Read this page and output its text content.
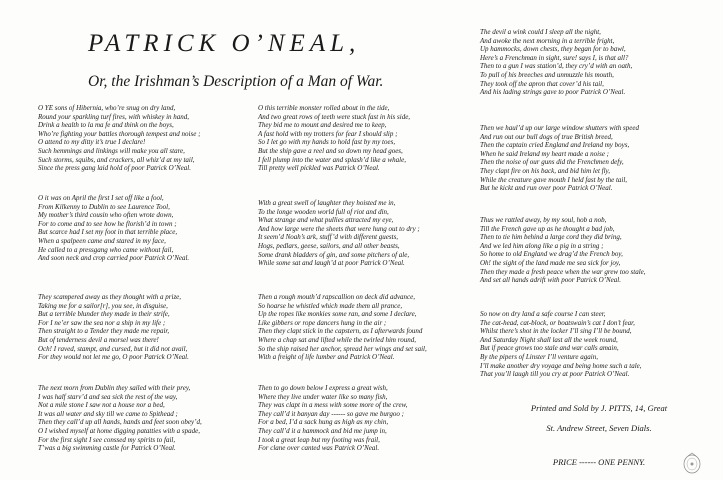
PATRICK O’NEAL,
Or, the Irishman’s Description of a Man of War.
O YE sons of Hibernia, who’re snug on dry land,
Round your sparkling turf fires, with whiskey in hand,
Drink a health to la ma fe and think on the boys,
Who’re fighting your battles thorough tempest and noise ;
O attend to my ditty it’s true I declare!
Such hemmings and linkings will make you all stare,
Such storms, squibs, and crackers, all whiz’d at my tail,
Since the press gang laid hold of poor Patrick O’Neal.
O it was on April the first I set off like a fool,
From Kilkenny to Dublin to see Laurence Tool,
My mother’s third cousin who often wrote down,
For to come and to see how he florish’d in town ;
But scarce had I set my foot in that terrible place,
When a spalpeen came and stared in my face,
He called to a pressgang who came without fail,
And soon neck and crop carried poor Patrick O’Neal.
They scampered away as they thought with a prize,
Taking me for a sailor[r], you see, in disguise,
But a terrible blunder they made in their strife,
For I ne’er saw the sea nor a ship in my life ;
Then straight to a Tender they made me repair,
But of tenderness devil a morsel was there!
Och! I raved, stampt, and cursed, but it did not avail,
For they would not let me go, O poor Patrick O’Neal.
The next morn from Dublin they sailed with their prey,
I was half starv’d and sea sick the rest of the way,
Not a mile stone I saw not a house nor a bed,
It was all water and sky till we came to Spithead ;
Then they call’d up all hands, hands and feet soon obey’d,
O I wished myself at home digging patatties with a spade,
For the first sight I see conssed my spirits to fail,
T’was a big swimming castle for Patrick O’Neal.
O this terrible monster rolled about in the tide,
And two great rows of teeth were stuck fast in his side,
They bid me to mount and desired me to keep,
A fast hold with my trotters for fear I should slip ;
So I let go with my hands to hold fast by my toes,
But the ship gave a reel and so down my head goes,
I fell plump into the water and splash’d like a whale,
Till pretty well pickled was Patrick O’Neal.
With a great swell of laughter they hoisted me in,
To the longe wooden world full of riot and din,
What strange and what pullies attracted my eye,
And how large were the sheets that were hung out to dry ;
It seem’d Noah’s ark, stuff’d with different guests,
Hogs, pedlars, geese, sailors, and all other beasts,
Some drank bladders of gin, and some pitchers of ale,
While some sat and laugh’d at poor Patrick O’Neal.
Then a rough mouth’d rapscallion on deck did advance,
So hoarse he whistled which made them all prance,
Up the ropes like monkies some ran, and some I declare,
Like gibbers or rope dancers hung in the air ;
Then they clapt stick in the capstern, as I afterwards found
Where a chap sat and lifted while the twirled him round,
So the ship raised her anchor, spread her wings and set sail,
With a freight of life lumber and Patrick O’Neal.
Then to go down below I express a great wish,
Where they live under water like so many fish,
They was clapt in a mess with some more of the crew,
They call’d it banyan day ------ so gave me burgoo ;
For a bed, I’d a sack hung as high as my chin,
They call’d it a hammock and bid me jump in,
I took a great leap but my footing was frail,
For clane over canted was Patrick O’Neal.
The devil a wink could I sleep all the night,
And awoke the next morning in a terrible fright,
Up hammocks, down chests, they began for to bawl,
Here’s a Frenchman in sight, sure! says I, is that all?
Then to a gun I was station’d, they cry’d with an oath,
To pull of his breeches and unmuzzle his mouth,
They took off the apron that cover’d his tail,
And his lading strings gave to poor Patrick O’Neal.
Then we haul’d up our large window shutters with speed
And run out our bull dogs of true British breed,
Then the captain cried England and Ireland my boys,
When he said Ireland my heart made a noise ;
Then the noise of our guns did the Frenchmen defy,
They clapt fire on his back, and bid him let fly,
While the creature gave mouth I held fast by the tail,
But he kickt and run over poor Patrick O’Neal.
Thus we rattled away, by my soul, hob a nob,
Till the French gave up as he thought a bad job,
Then to tie him behind a large cord they did bring,
And we led him along like a pig in a string ;
So home to old England we drag’d the French boy,
Oh! the sight of the land made me sea sick for joy,
Then they made a fresh peace when the war grew too stale,
And set all hands adrift with poor Patrick O’Neal.
So now on dry land a safe course I can steer,
The cat-head, cat-block, or boatswain’s cat I don’t fear,
Whilst there’s shot in the locker I’ll sing I’ll be bound,
And Saturday Night shall last all the week round,
But if peace grows too stale and war calls amain,
By the pipers of Linster I’ll venture again,
I’ll make another dry voyage and being home such a tale,
That you’ll laugh till you cry at poor Patrick O’Neal.
Printed and Sold by J. PITTS, 14, Great
St. Andrew Street, Seven Dials.
PRICE ------ ONE PENNY.
